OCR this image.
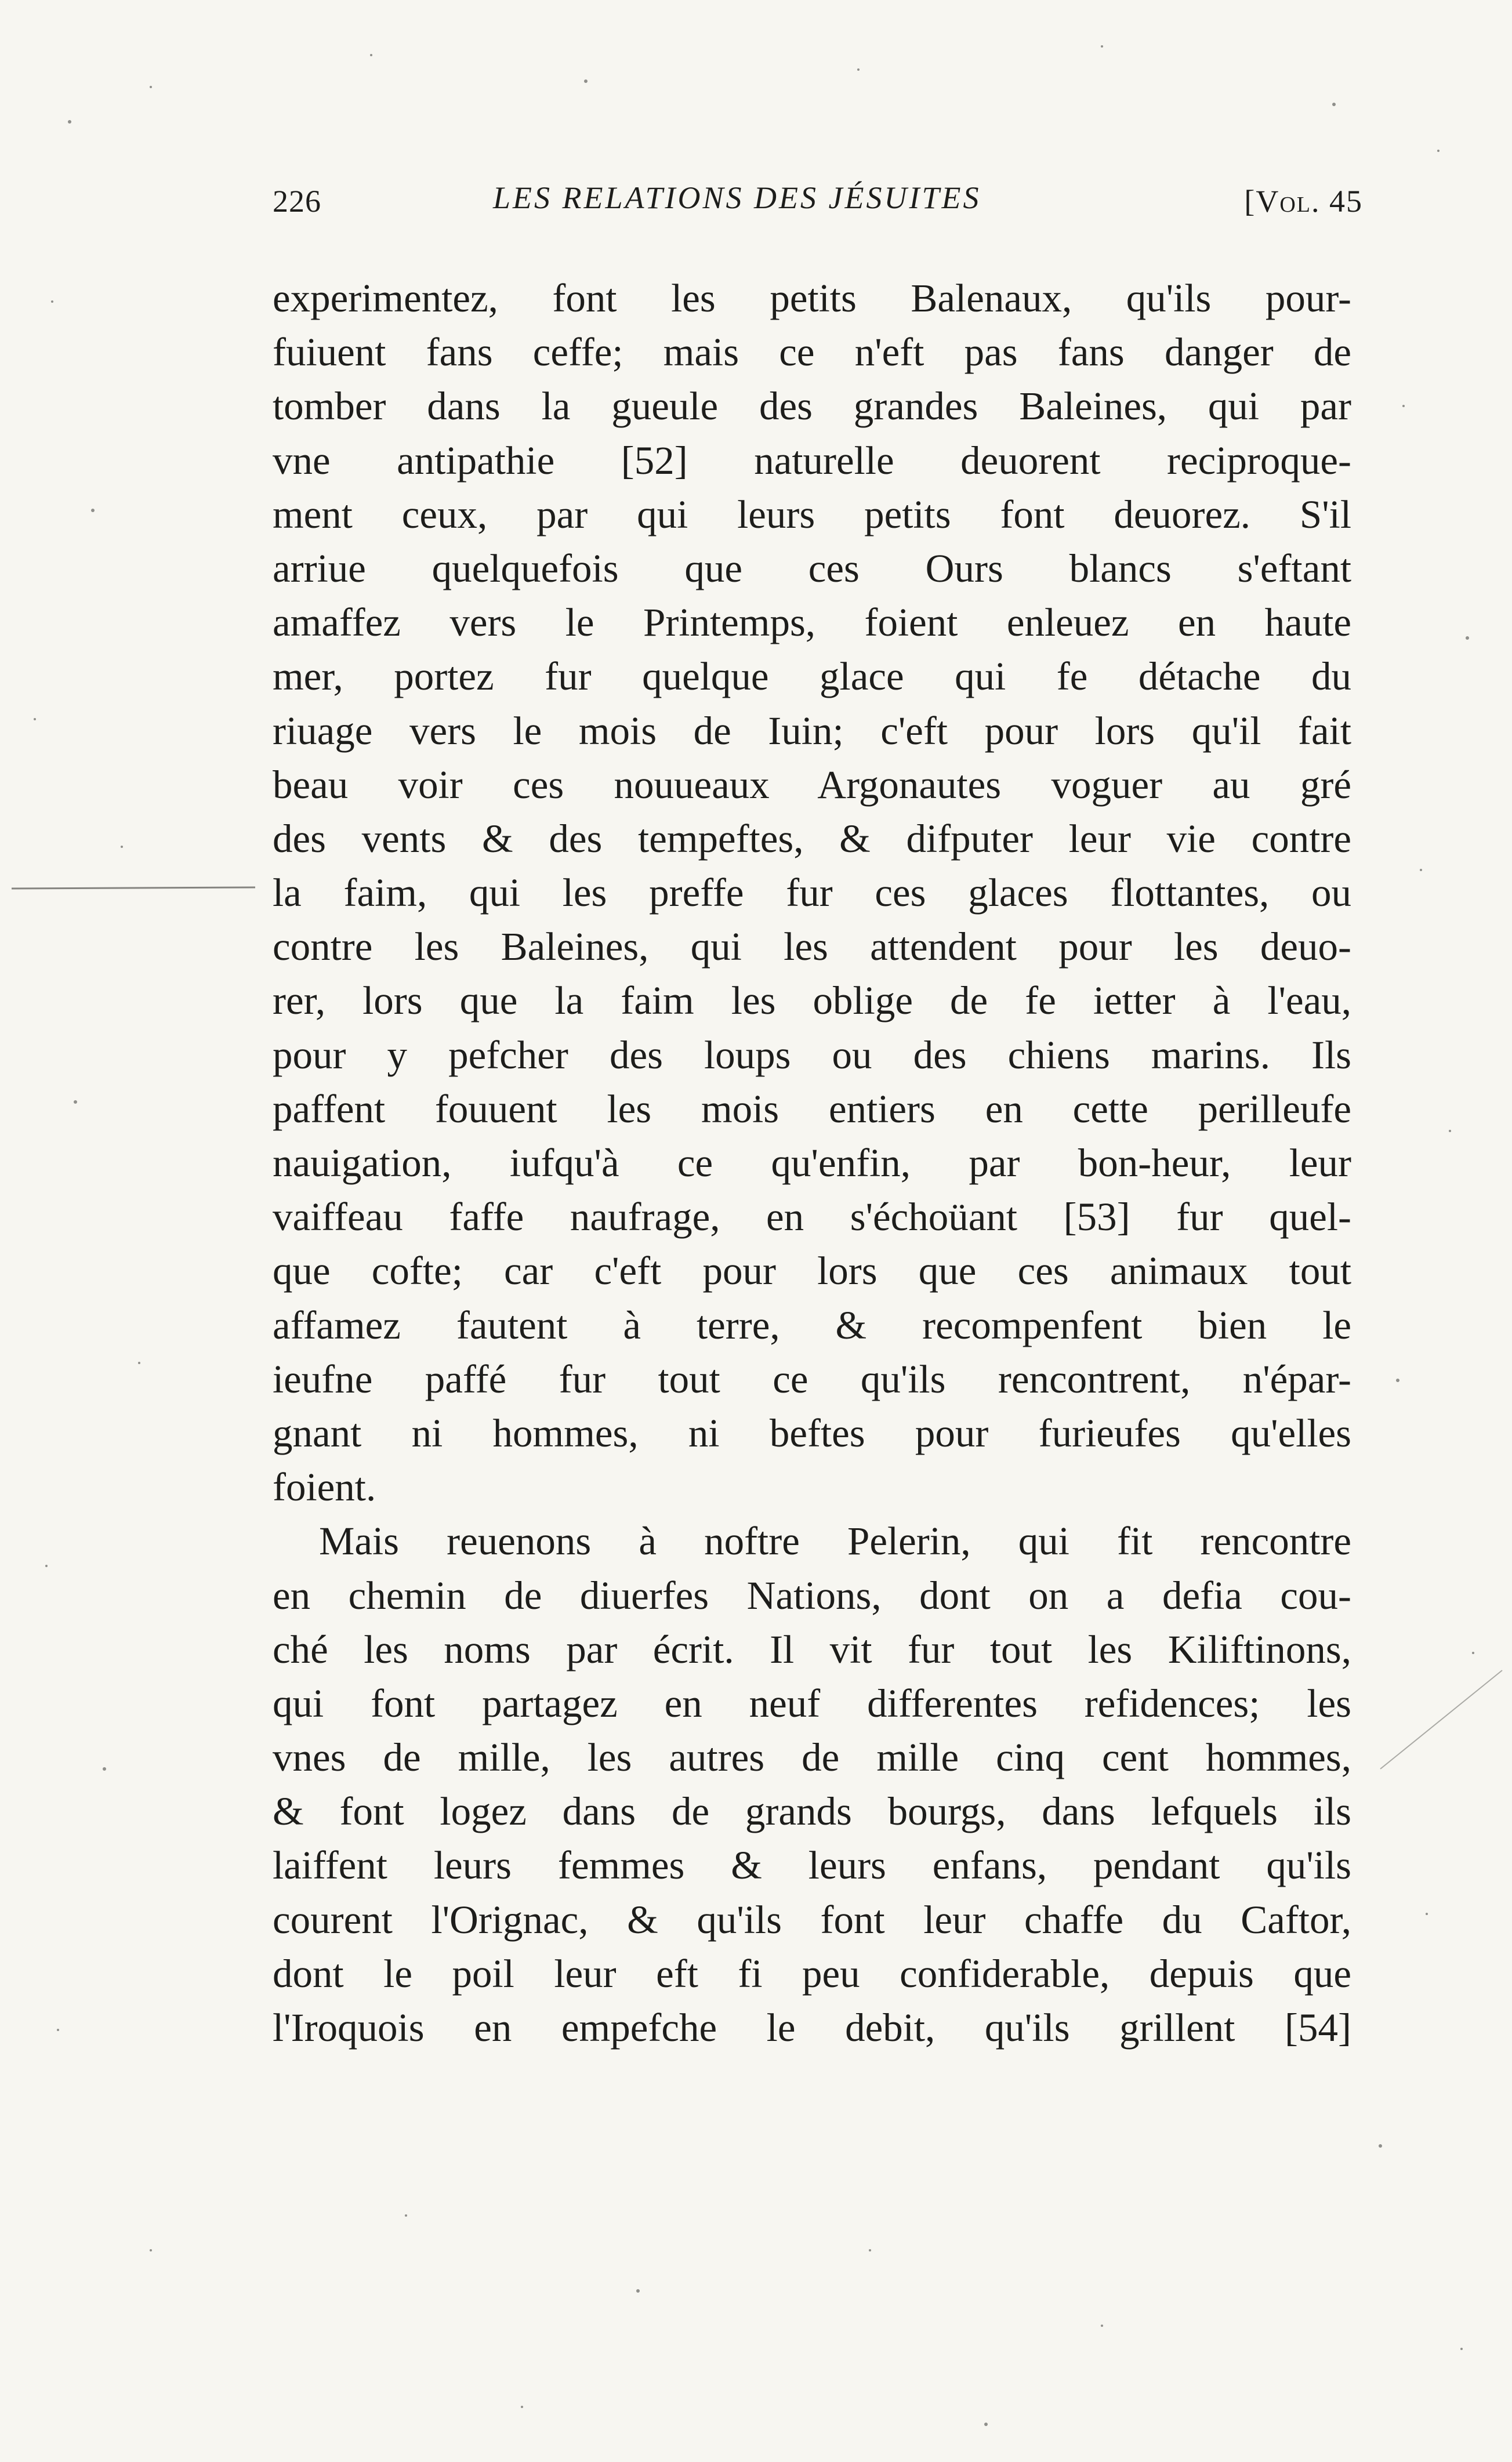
226	LES RELATIONS DES JÉSUITES	[Vol. 45
experimentez, font les petits Balenaux, qu'ils pour-
fuiuent fans ceffe; mais ce n'eft pas fans danger de
tomber dans la gueule des grandes Baleines, qui par
vne antipathie [52] naturelle deuorent reciproque-
ment ceux, par qui leurs petits font deuorez. S'il
arriue quelquefois que ces Ours blancs s'eftant
amaffez vers le Printemps, foient enleuez en haute
mer, portez fur quelque glace qui fe détache du
riuage vers le mois de Iuin; c'eft pour lors qu'il fait
beau voir ces nouueaux Argonautes voguer au gré
des vents & des tempeftes, & difputer leur vie contre
la faim, qui les preffe fur ces glaces flottantes, ou
contre les Baleines, qui les attendent pour les deuo-
rer, lors que la faim les oblige de fe ietter à l'eau,
pour y pefcher des loups ou des chiens marins. Ils
paffent fouuent les mois entiers en cette perilleufe
nauigation, iufqu'à ce qu'enfin, par bon-heur, leur
vaiffeau faffe naufrage, en s'échoüant [53] fur quel-
que cofte; car c'eft pour lors que ces animaux tout
affamez fautent à terre, & recompenfent bien le
ieufne paffé fur tout ce qu'ils rencontrent, n'épar-
gnant ni hommes, ni beftes pour furieufes qu'elles
foient.
Mais reuenons à noftre Pelerin, qui fit rencontre
en chemin de diuerfes Nations, dont on a defia cou-
ché les noms par écrit. Il vit fur tout les Kiliftinons,
qui font partagez en neuf differentes refidences; les
vnes de mille, les autres de mille cinq cent hommes,
& font logez dans de grands bourgs, dans lefquels ils
laiffent leurs femmes & leurs enfans, pendant qu'ils
courent l'Orignac, & qu'ils font leur chaffe du Caftor,
dont le poil leur eft fi peu confiderable, depuis que
l'Iroquois en empefche le debit, qu'ils grillent [54]
